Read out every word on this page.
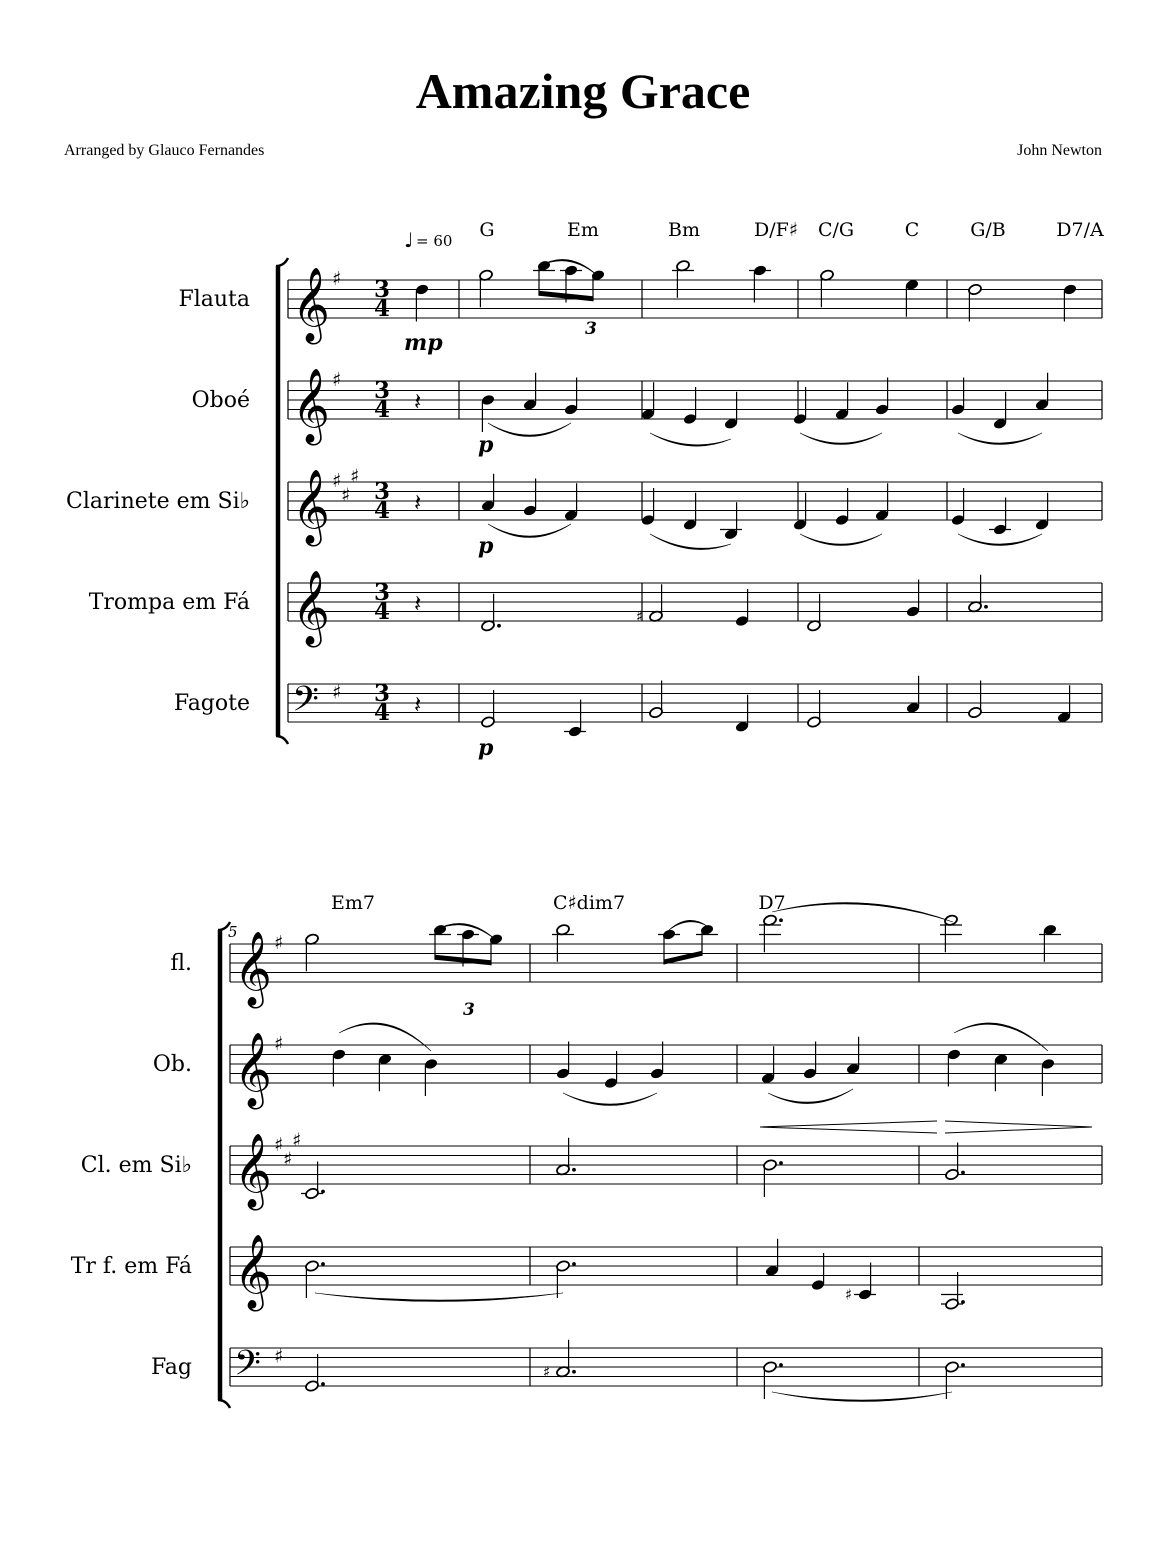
Amazing Grace
Arranged by Glauco Fernandes	John Newton
Flauta 𝄞 ♯
Oboé 𝄞 ♯
Clarinete em Si♭ 𝄞 ♯
♯
♯
Trompa em Fá 𝄞
Fagote 𝄢 ♯
3
4
3
4
3
4
3
4
3
4
♩ = 60 G	Em	Bm	D/F♯ C/G	C	G/B	D7/A
3
mp
𝄽
p
𝄽
p
𝄽	♯
𝄽
p
fl. 𝄞 ♯
Ob. 𝄞 ♯
Cl. em Si♭ 𝄞 ♯
♯
♯
Tr f. em Fá 𝄞
Fag 𝄢 ♯
5
Em7	C♯dim7	D7
3
♯
♯
